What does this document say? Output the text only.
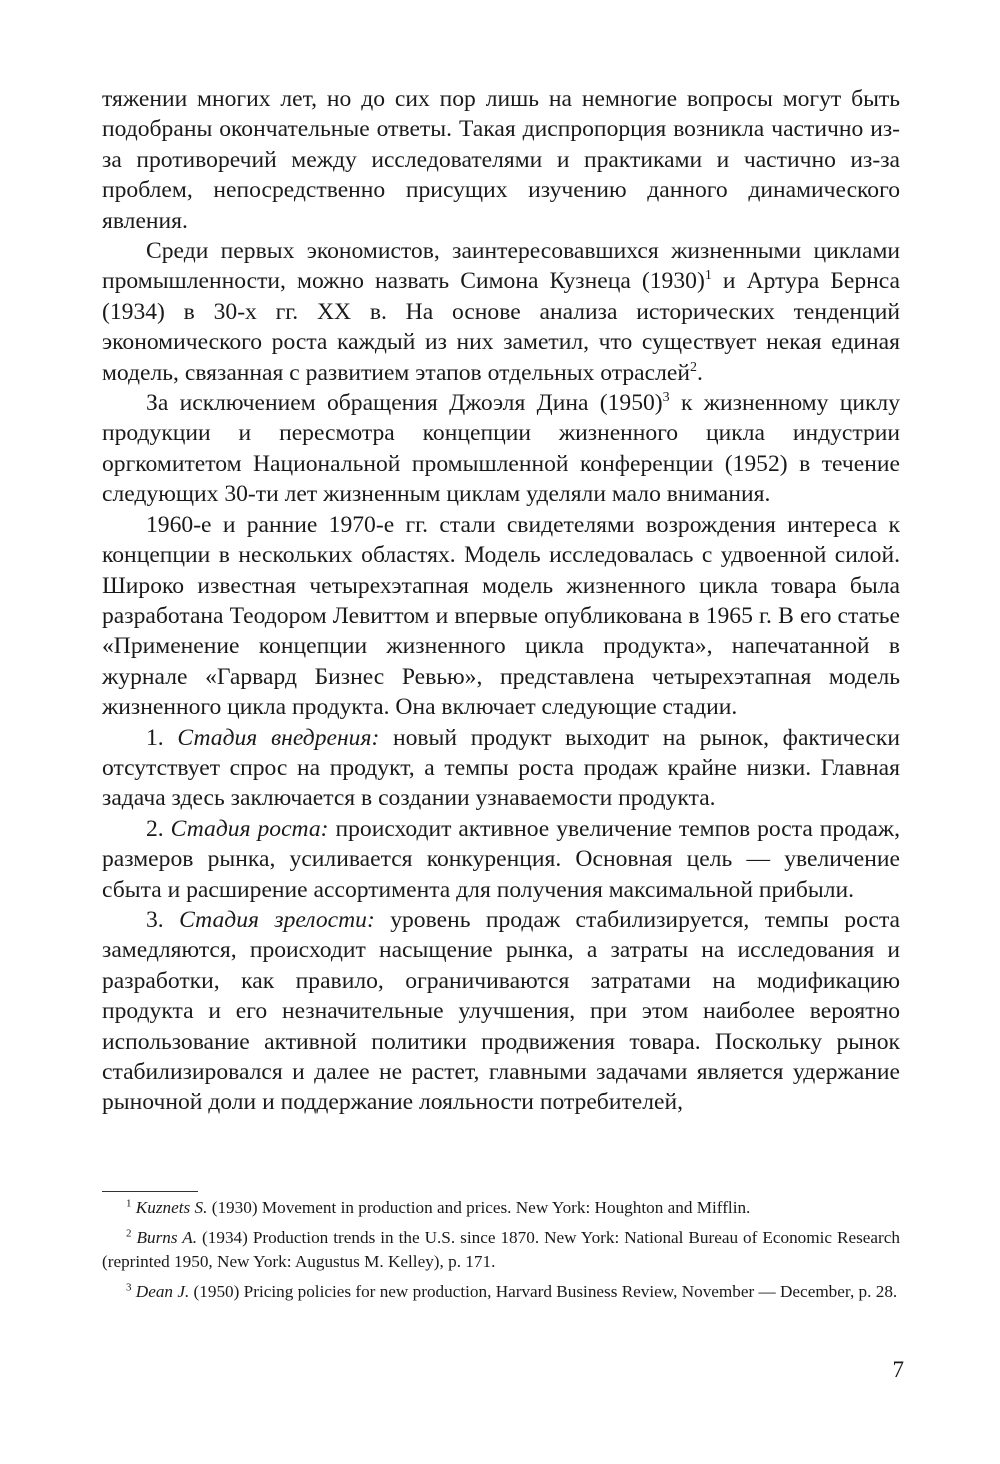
тяжении многих лет, но до сих пор лишь на немногие вопросы могут быть подобраны окончательные ответы. Такая диспропорция возникла частично из-за противоречий между исследователями и практиками и частично из-за проблем, непосредственно присущих изучению данного динамического явления.

Среди первых экономистов, заинтересовавшихся жизненными циклами промышленности, можно назвать Симона Кузнеца $(1930)^1$ и Артура Бернса (1934) в 30-х гг. XX в. На основе анализа исторических тенденций экономического роста каждый из них заметил, что существует некая единая модель, связанная с развитием этапов отдельных отраслей$^2$.

За исключением обращения Джоэля Дина $(1950)^3$ к жизненному циклу продукции и пересмотра концепции жизненного цикла индустрии оргкомитетом Национальной промышленной конференции (1952) в течение следующих 30-ти лет жизненным циклам уделяли мало внимания.

1960-е и ранние 1970-е гг. стали свидетелями возрождения интереса к концепции в нескольких областях. Модель исследовалась с удвоенной силой. Широко известная четырехэтапная модель жизненного цикла товара была разработана Теодором Левиттом и впервые опубликована в 1965 г. В его статье «Применение концепции жизненного цикла продукта», напечатанной в журнале «Гарвард Бизнес Ревью», представлена четырехэтапная модель жизненного цикла продукта. Она включает следующие стадии.

1. Стадия внедрения: новый продукт выходит на рынок, фактически отсутствует спрос на продукт, а темпы роста продаж крайне низки. Главная задача здесь заключается в создании узнаваемости продукта.

2. Стадия роста: происходит активное увеличение темпов роста продаж, размеров рынка, усиливается конкуренция. Основная цель — увеличение сбыта и расширение ассортимента для получения максимальной прибыли.

3. Стадия зрелости: уровень продаж стабилизируется, темпы роста замедляются, происходит насыщение рынка, а затраты на исследования и разработки, как правило, ограничиваются затратами на модификацию продукта и его незначительные улучшения, при этом наиболее вероятно использование активной политики продвижения товара. Поскольку рынок стабилизировался и далее не растет, главными задачами является удержание рыночной доли и поддержание лояльности потребителей,

$^1$ Kuznets S. (1930) Movement in production and prices. New York: Houghton and Mifflin.

$^2$ Burns A. (1934) Production trends in the U.S. since 1870. New York: National Bureau of Economic Research (reprinted 1950, New York: Augustus M. Kelley), p. 171.

$^3$ Dean J. (1950) Pricing policies for new production, Harvard Business Review, November — December, p. 28.

7
